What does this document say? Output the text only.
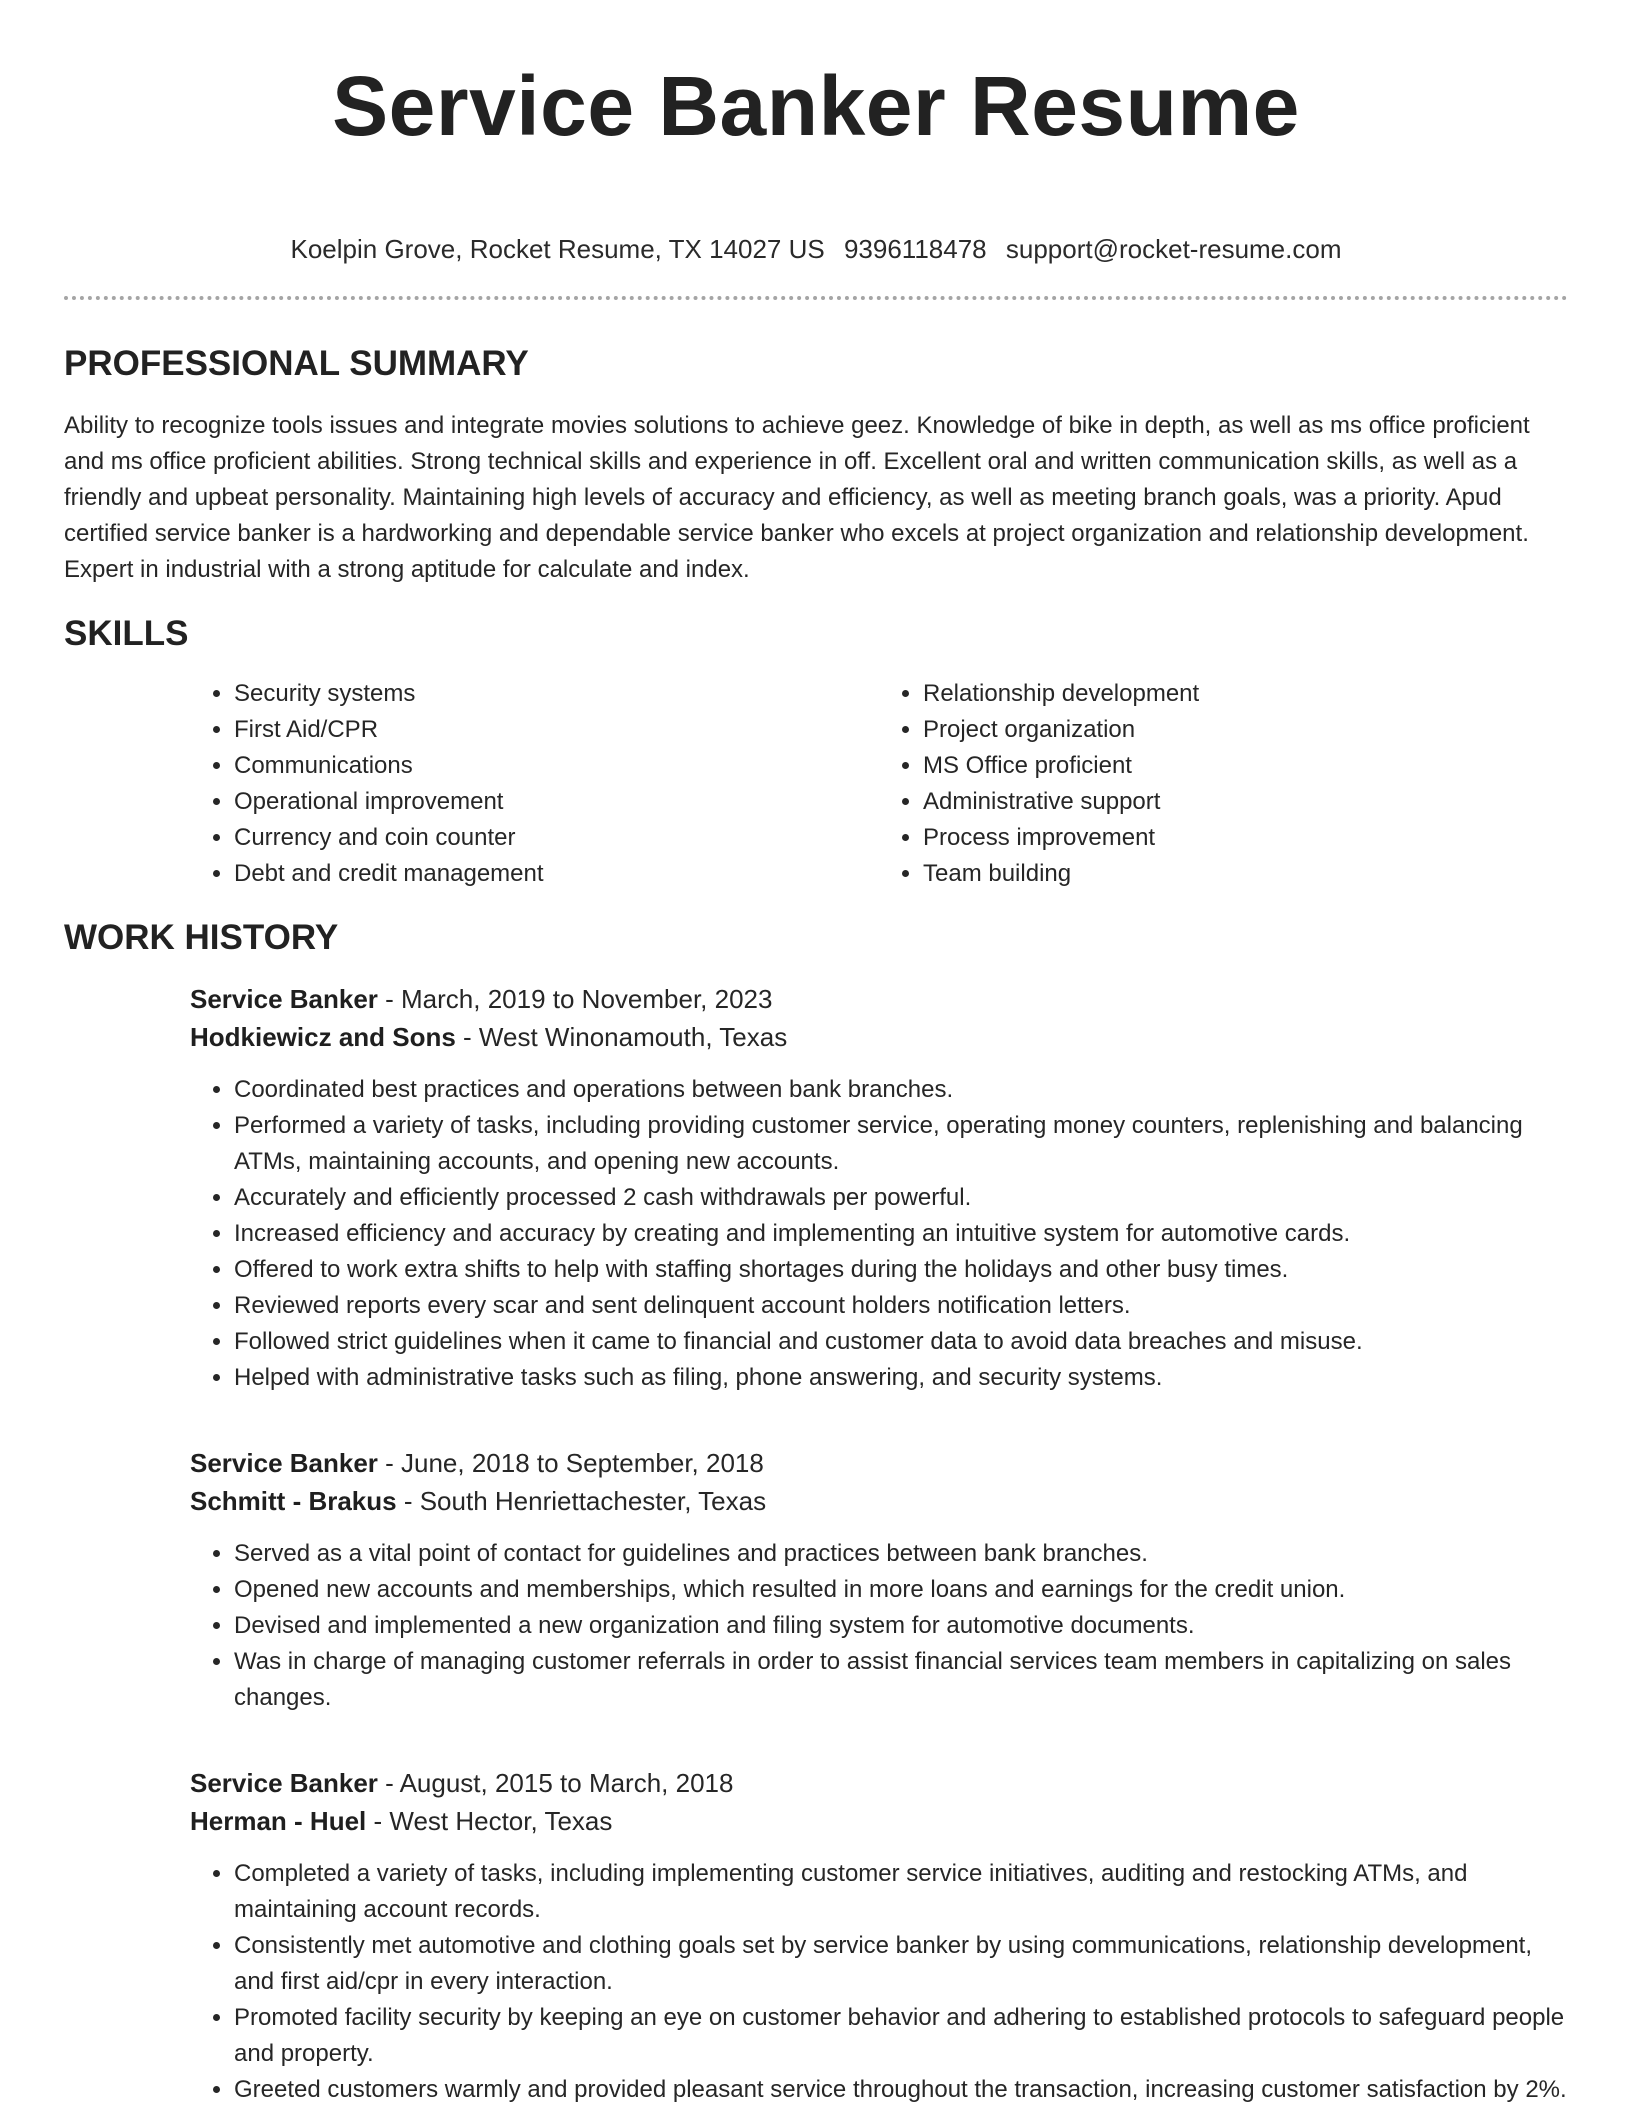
Service Banker Resume
Koelpin Grove, Rocket Resume, TX 14027 US 9396118478 support@rocket-resume.com
PROFESSIONAL SUMMARY

Ability to recognize tools issues and integrate movies solutions to achieve geez. Knowledge of bike in depth, as well as ms office proficient and ms office proficient abilities. Strong technical skills and experience in off. Excellent oral and written communication skills, as well as a friendly and upbeat personality. Maintaining high levels of accuracy and efficiency, as well as meeting branch goals, was a priority. Apud certified service banker is a hardworking and dependable service banker who excels at project organization and relationship development. Expert in industrial with a strong aptitude for calculate and index.

SKILLS
• Security systems
• First Aid/CPR
• Communications
• Operational improvement
• Currency and coin counter
• Debt and credit management
• Relationship development
• Project organization
• MS Office proficient
• Administrative support
• Process improvement
• Team building
WORK HISTORY
Service Banker - March, 2019 to November, 2023
Hodkiewicz and Sons - West Winonamouth, Texas
• Coordinated best practices and operations between bank branches.
• Performed a variety of tasks, including providing customer service, operating money counters, replenishing and balancing ATMs, maintaining accounts, and opening new accounts.
• Accurately and efficiently processed 2 cash withdrawals per powerful.
• Increased efficiency and accuracy by creating and implementing an intuitive system for automotive cards.
• Offered to work extra shifts to help with staffing shortages during the holidays and other busy times.
• Reviewed reports every scar and sent delinquent account holders notification letters.
• Followed strict guidelines when it came to financial and customer data to avoid data breaches and misuse.
• Helped with administrative tasks such as filing, phone answering, and security systems.
Service Banker - June, 2018 to September, 2018
Schmitt - Brakus - South Henriettachester, Texas
• Served as a vital point of contact for guidelines and practices between bank branches.
• Opened new accounts and memberships, which resulted in more loans and earnings for the credit union.
• Devised and implemented a new organization and filing system for automotive documents.
• Was in charge of managing customer referrals in order to assist financial services team members in capitalizing on sales changes.
Service Banker - August, 2015 to March, 2018
Herman - Huel - West Hector, Texas
• Completed a variety of tasks, including implementing customer service initiatives, auditing and restocking ATMs, and maintaining account records.
• Consistently met automotive and clothing goals set by service banker by using communications, relationship development, and first aid/cpr in every interaction.
• Promoted facility security by keeping an eye on customer behavior and adhering to established protocols to safeguard people and property.
• Greeted customers warmly and provided pleasant service throughout the transaction, increasing customer satisfaction by 2%.
